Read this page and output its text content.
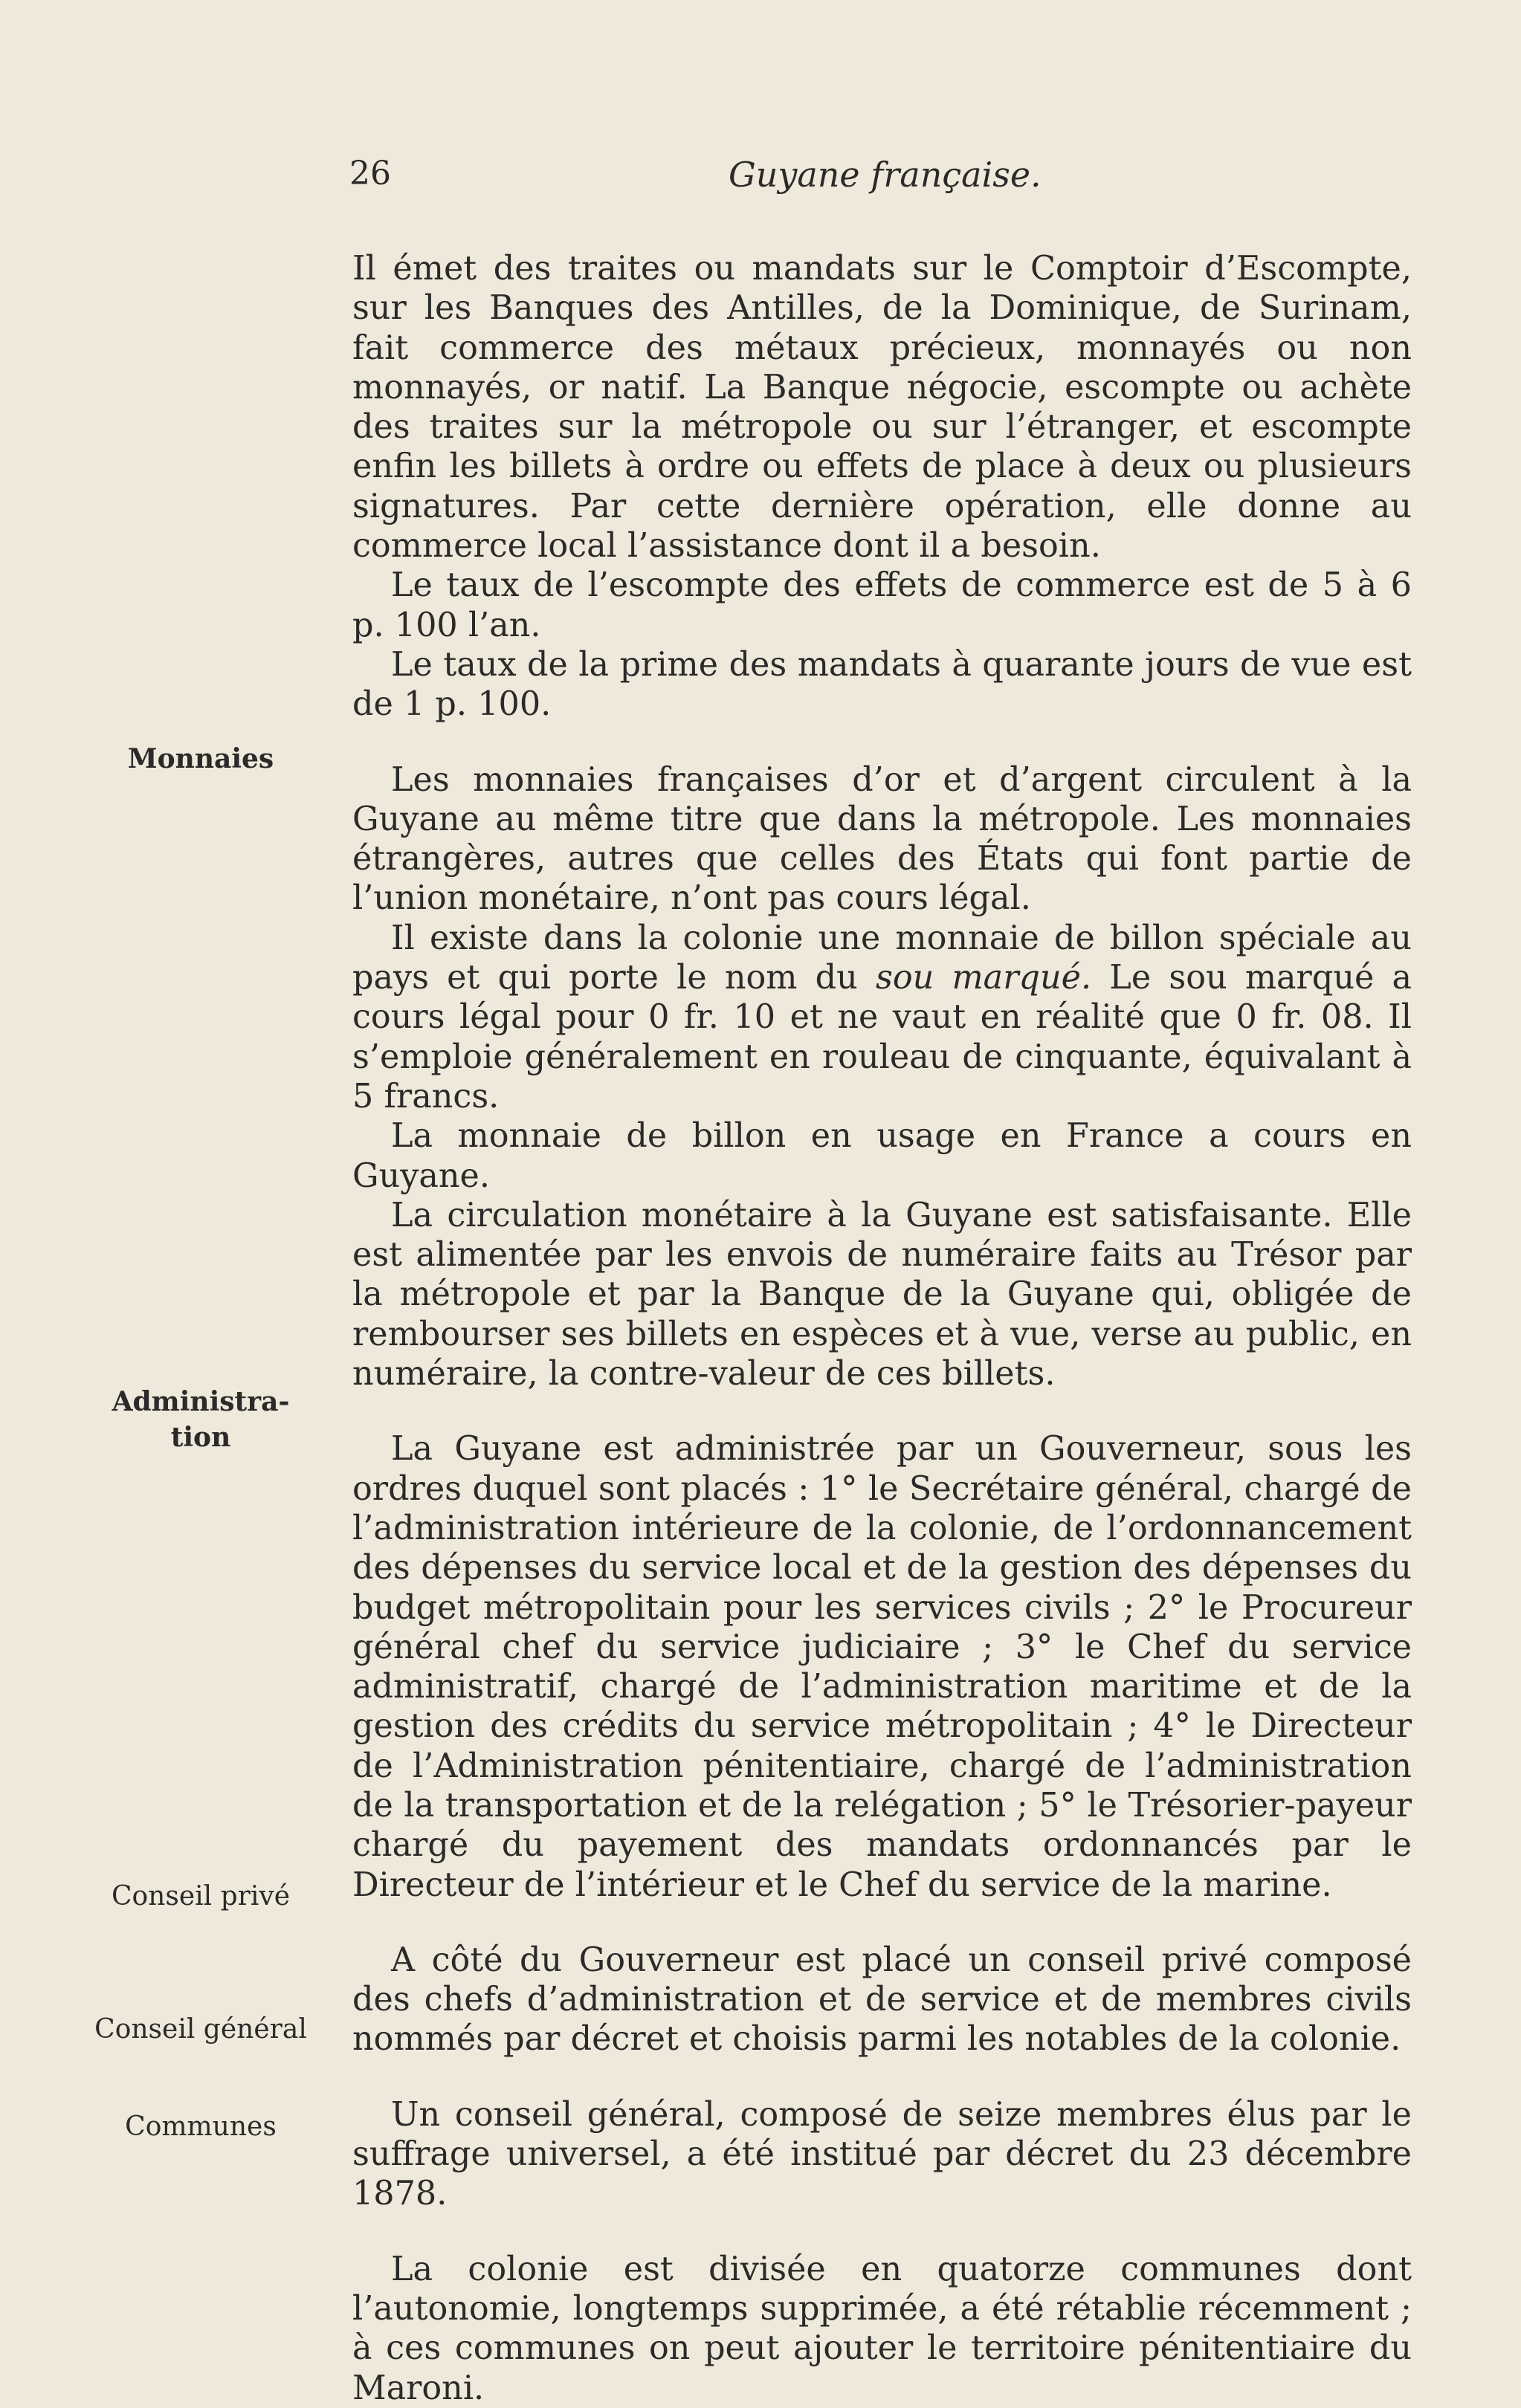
26	Guyane française.
Monnaies
Administra-
tion
Conseil privé
Conseil général
Communes

Il émet des traites ou mandats sur le Comptoir d’Escompte, sur les Banques des Antilles, de la Dominique, de Surinam, fait commerce des métaux précieux, monnayés ou non monnayés, or natif. La Banque négocie, escompte ou achète des traites sur la métropole ou sur l’étranger, et escompte enfin les billets à ordre ou effets de place à deux ou plusieurs signatures. Par cette dernière opération, elle donne au commerce local l’assistance dont il a besoin.

Le taux de l’escompte des effets de commerce est de 5 à 6 p. 100 l’an.

Le taux de la prime des mandats à quarante jours de vue est de 1 p. 100.

Les monnaies françaises d’or et d’argent circulent à la Guyane au même titre que dans la métropole. Les monnaies étrangères, autres que celles des États qui font partie de l’union monétaire, n’ont pas cours légal.

Il existe dans la colonie une monnaie de billon spéciale au pays et qui porte le nom du sou marqué. Le sou marqué a cours légal pour 0 fr. 10 et ne vaut en réalité que 0 fr. 08. Il s’emploie généralement en rouleau de cinquante, équivalant à 5 francs.

La monnaie de billon en usage en France a cours en Guyane.

La circulation monétaire à la Guyane est satisfaisante. Elle est alimentée par les envois de numéraire faits au Trésor par la métropole et par la Banque de la Guyane qui, obligée de rembourser ses billets en espèces et à vue, verse au public, en numéraire, la contre-valeur de ces billets.

La Guyane est administrée par un Gouverneur, sous les ordres duquel sont placés : 1° le Secrétaire général, chargé de l’administration intérieure de la colonie, de l’ordonnancement des dépenses du service local et de la gestion des dépenses du budget métropolitain pour les services civils ; 2° le Procureur général chef du service judiciaire ; 3° le Chef du service administratif, chargé de l’administration maritime et de la gestion des crédits du service métropolitain ; 4° le Directeur de l’Administration pénitentiaire, chargé de l’administration de la transportation et de la relégation ; 5° le Trésorier-payeur chargé du payement des mandats ordonnancés par le Directeur de l’intérieur et le Chef du service de la marine.

A côté du Gouverneur est placé un conseil privé composé des chefs d’administration et de service et de membres civils nommés par décret et choisis parmi les notables de la colonie.

Un conseil général, composé de seize membres élus par le suffrage universel, a été institué par décret du 23 décembre 1878.

La colonie est divisée en quatorze communes dont l’autonomie, longtemps supprimée, a été rétablie récemment ; à ces communes on peut ajouter le territoire pénitentiaire du Maroni.
